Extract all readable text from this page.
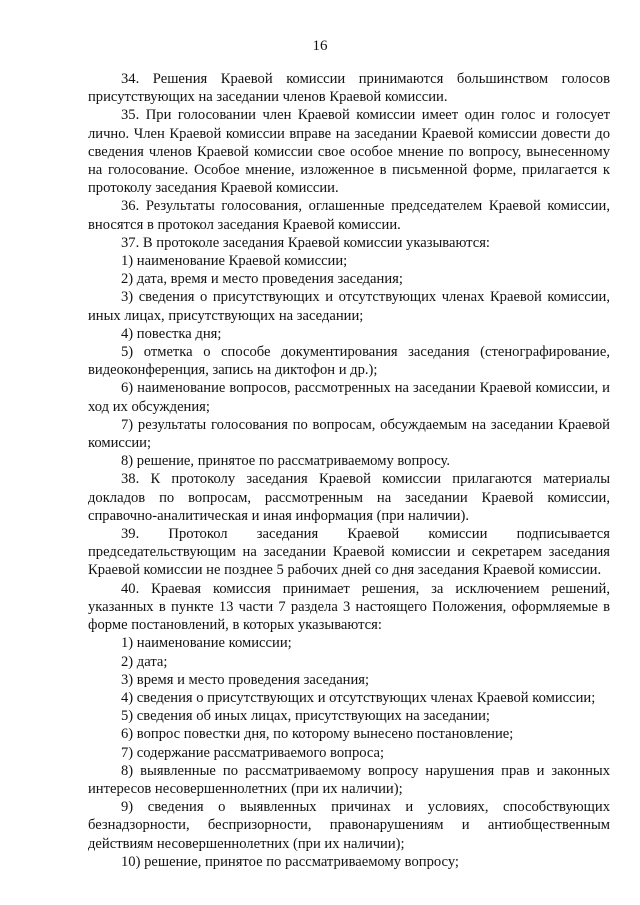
16

34. Решения Краевой комиссии принимаются большинством голосов присутствующих на заседании членов Краевой комиссии.

35. При голосовании член Краевой комиссии имеет один голос и голосует лично. Член Краевой комиссии вправе на заседании Краевой комиссии довести до сведения членов Краевой комиссии свое особое мнение по вопросу, вынесенному на голосование. Особое мнение, изложенное в письменной форме, прилагается к протоколу заседания Краевой комиссии.

36. Результаты голосования, оглашенные председателем Краевой комиссии, вносятся в протокол заседания Краевой комиссии.

37. В протоколе заседания Краевой комиссии указываются:

1) наименование Краевой комиссии;

2) дата, время и место проведения заседания;

3) сведения о присутствующих и отсутствующих членах Краевой комиссии, иных лицах, присутствующих на заседании;

4) повестка дня;

5) отметка о способе документирования заседания (стенографирование, видеоконференция, запись на диктофон и др.);

6) наименование вопросов, рассмотренных на заседании Краевой комиссии, и ход их обсуждения;

7) результаты голосования по вопросам, обсуждаемым на заседании Краевой комиссии;

8) решение, принятое по рассматриваемому вопросу.

38. К протоколу заседания Краевой комиссии прилагаются материалы докладов по вопросам, рассмотренным на заседании Краевой комиссии, справочно-аналитическая и иная информация (при наличии).

39. Протокол заседания Краевой комиссии подписывается председательствующим на заседании Краевой комиссии и секретарем заседания Краевой комиссии не позднее 5 рабочих дней со дня заседания Краевой комиссии.

40. Краевая комиссия принимает решения, за исключением решений, указанных в пункте 13 части 7 раздела 3 настоящего Положения, оформляемые в форме постановлений, в которых указываются:

1) наименование комиссии;

2) дата;

3) время и место проведения заседания;

4) сведения о присутствующих и отсутствующих членах Краевой комиссии;

5) сведения об иных лицах, присутствующих на заседании;

6) вопрос повестки дня, по которому вынесено постановление;

7) содержание рассматриваемого вопроса;

8) выявленные по рассматриваемому вопросу нарушения прав и законных интересов несовершеннолетних (при их наличии);

9) сведения о выявленных причинах и условиях, способствующих безнадзорности, беспризорности, правонарушениям и антиобщественным действиям несовершеннолетних (при их наличии);

10) решение, принятое по рассматриваемому вопросу;
